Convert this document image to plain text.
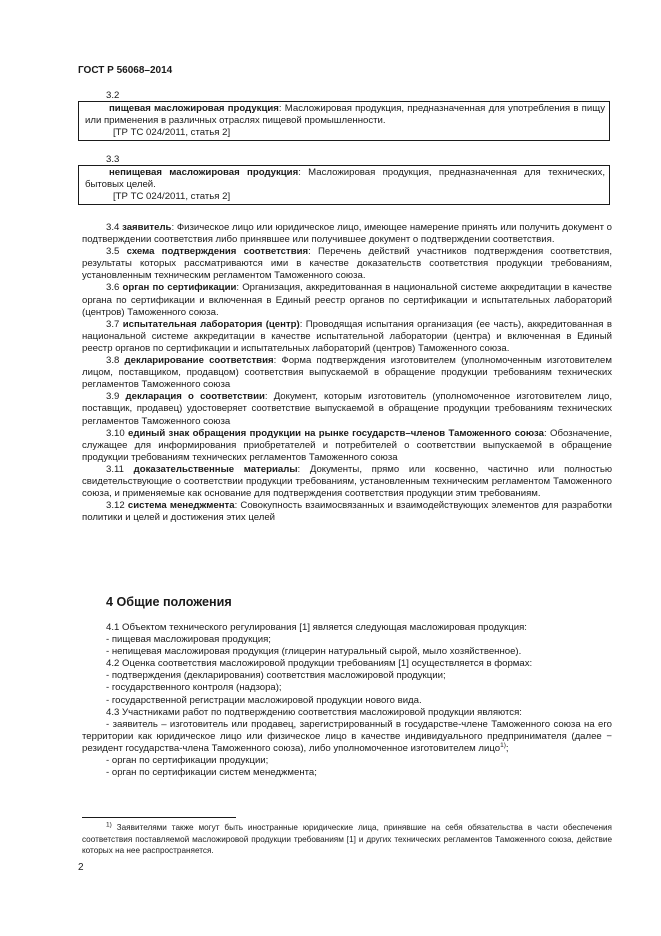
ГОСТ Р 56068–2014
3.2

пищевая масложировая продукция: Масложировая продукция, предназначенная для употребления в пищу или применения в различных отраслях пищевой промышленности.

[ТР ТС 024/2011, статья 2]

3.3

непищевая масложировая продукция: Масложировая продукция, предназначенная для технических, бытовых целей.

[ТР ТС 024/2011, статья 2]

3.4 заявитель: Физическое лицо или юридическое лицо, имеющее намерение принять или получить документ о подтверждении соответствия либо принявшее или получившее документ о подтверждении соответствия.

3.5 схема подтверждения соответствия: Перечень действий участников подтверждения соответствия, результаты которых рассматриваются ими в качестве доказательств соответствия продукции требованиям, установленным техническим регламентом Таможенного союза.

3.6 орган по сертификации: Организация, аккредитованная в национальной системе аккредитации в качестве органа по сертификации и включенная в Единый реестр органов по сертификации и испытательных лабораторий (центров) Таможенного союза.

3.7 испытательная лаборатория (центр): Проводящая испытания организация (ее часть), аккредитованная в национальной системе аккредитации в качестве испытательной лаборатории (центра) и включенная в Единый реестр органов по сертификации и испытательных лабораторий (центров) Таможенного союза.

3.8 декларирование соответствия: Форма подтверждения изготовителем (уполномоченным изготовителем лицом, поставщиком, продавцом) соответствия выпускаемой в обращение продукции требованиям технических регламентов Таможенного союза

3.9 декларация о соответствии: Документ, которым изготовитель (уполномоченное изготовителем лицо, поставщик, продавец) удостоверяет соответствие выпускаемой в обращение продукции требованиям технических регламентов Таможенного союза

3.10 единый знак обращения продукции на рынке государств–членов Таможенного союза: Обозначение, служащее для информирования приобретателей и потребителей о соответствии выпускаемой в обращение продукции требованиям технических регламентов Таможенного союза

3.11 доказательственные материалы: Документы, прямо или косвенно, частично или полностью свидетельствующие о соответствии продукции требованиям, установленным техническим регламентом Таможенного союза, и применяемые как основание для подтверждения соответствия продукции этим требованиям.

3.12 система менеджмента: Совокупность взаимосвязанных и взаимодействующих элементов для разработки политики и целей и достижения этих целей

4 Общие положения

4.1 Объектом технического регулирования [1] является следующая масложировая продукция:

- пищевая масложировая продукция;

- непищевая масложировая продукция (глицерин натуральный сырой, мыло хозяйственное).

4.2 Оценка соответствия масложировой продукции требованиям [1] осуществляется в формах:

- подтверждения (декларирования) соответствия масложировой продукции;

- государственного контроля (надзора);

- государственной регистрации масложировой продукции нового вида.

4.3 Участниками работ по подтверждению соответствия масложировой продукции являются:

- заявитель – изготовитель или продавец, зарегистрированный в государстве-члене Таможенного союза на его территории как юридическое лицо или физическое лицо в качестве индивидуального предпринимателя (далее − резидент государства-члена Таможенного союза), либо уполномоченное изготовителем лицо$^{1)}$;

- орган по сертификации продукции;

- орган по сертификации систем менеджмента;

$^{1)}$ Заявителями также могут быть иностранные юридические лица, принявшие на себя обязательства в части обеспечения соответствия поставляемой масложировой продукции требованиям [1] и других технических регламентов Таможенного союза, действие которых на нее распространяется.

2
